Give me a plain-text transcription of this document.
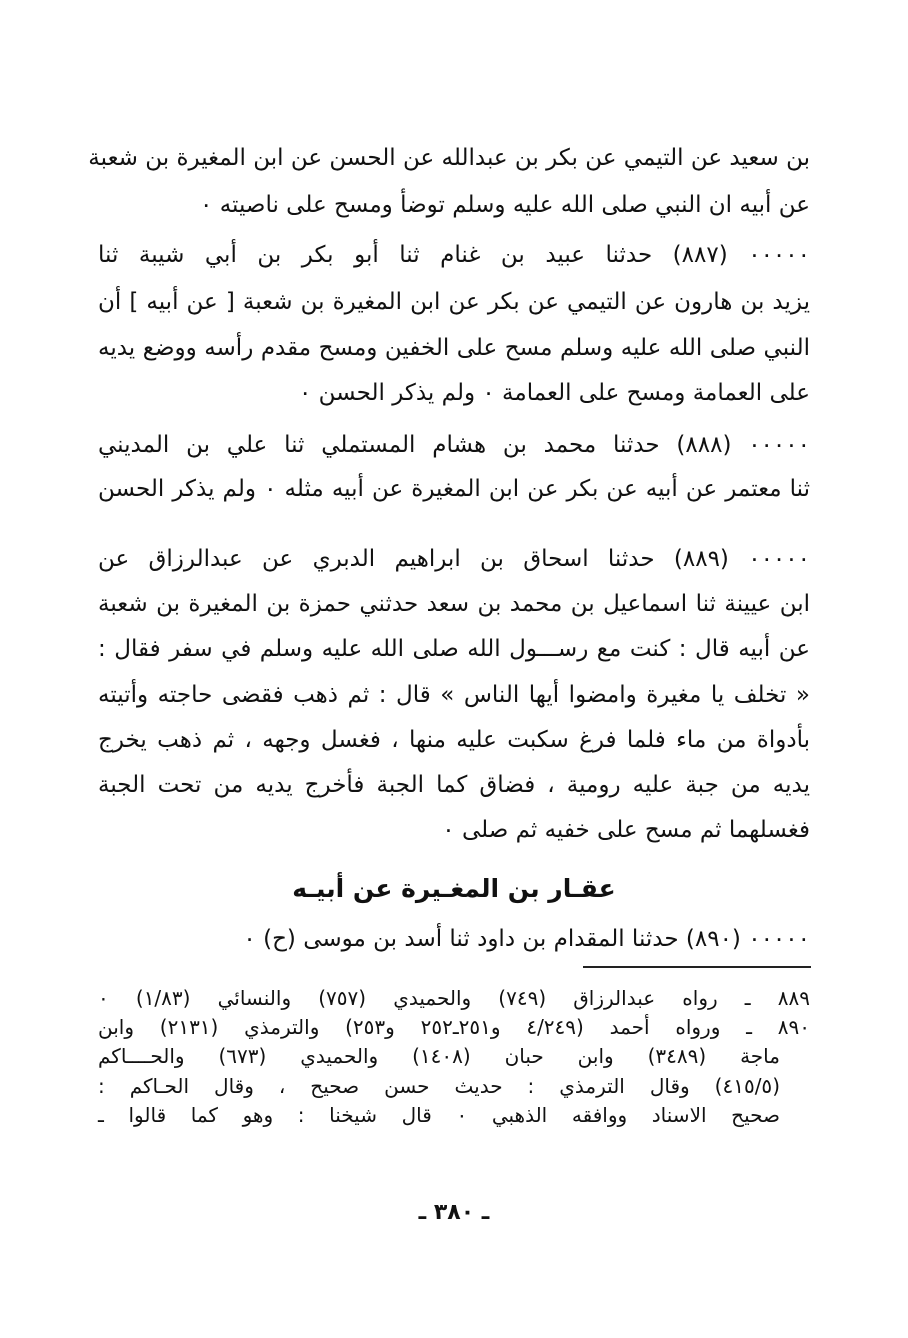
بن سعيد عن التيمي عن بكر بن عبدالله عن الحسن عن ابن المغيرة بن شعبة
عن أبيه ان النبي صلى الله عليه وسلم توضأ ومسح على ناصيته ٠
٠٠٠٠٠ (٨٨٧) حدثنا عبيد بن غنام ثنا أبو بكر بن أبي شيبة ثنا
يزيد بن هارون عن التيمي عن بكر عن ابن المغيرة بن شعبة [ عن أبيه ] أن
النبي صلى الله عليه وسلم مسح على الخفين ومسح مقدم رأسه ووضع يديه
على العمامة ومسح على العمامة ٠ ولم يذكر الحسن ٠
٠٠٠٠٠ (٨٨٨) حدثنا محمد بن هشام المستملي ثنا علي بن المديني
ثنا معتمر عن أبيه عن بكر عن ابن المغيرة عن أبيه مثله ٠ ولم يذكر الحسن
٠٠٠٠٠ (٨٨٩) حدثنا اسحاق بن ابراهيم الدبري عن عبدالرزاق عن
ابن عيينة ثنا اسماعيل بن محمد بن سعد حدثني حمزة بن المغيرة بن شعبة
عن أبيه قال : كنت مع رســـول الله صلى الله عليه وسلم في سفر فقال :
« تخلف يا مغيرة وامضوا أيها الناس » قال : ثم ذهب فقضى حاجته وأتيته
بأدواة من ماء فلما فرغ سكبت عليه منها ، فغسل وجهه ، ثم ذهب يخرج
يديه من جبة عليه رومية ، فضاق كما الجبة فأخرج يديه من تحت الجبة
فغسلهما ثم مسح على خفيه ثم صلى ٠
عقـار بن المغـيرة عن أبيـه
٠٠٠٠٠ (٨٩٠) حدثنا المقدام بن داود ثنا أسد بن موسى (ح) ٠
٨٨٩ ـ رواه عبدالرزاق (٧٤٩) والحميدي (٧٥٧) والنسائي (١/٨٣) ٠
٨٩٠ ـ ورواه أحمد (٤/٢٤٩ و٢٥١ـ٢٥٢ و٢٥٣) والترمذي (٢١٣١) وابن
ماجة (٣٤٨٩) وابن حبان (١٤٠٨) والحميدي (٦٧٣) والحــــاكم
(٤١٥/٥) وقال الترمذي : حديث حسن صحيح ، وقال الحـاكم :
صحيح الاسناد ووافقه الذهبي ٠ قال شيخنا : وهو كما قالوا ـ
ـ ٣٨٠ ـ
